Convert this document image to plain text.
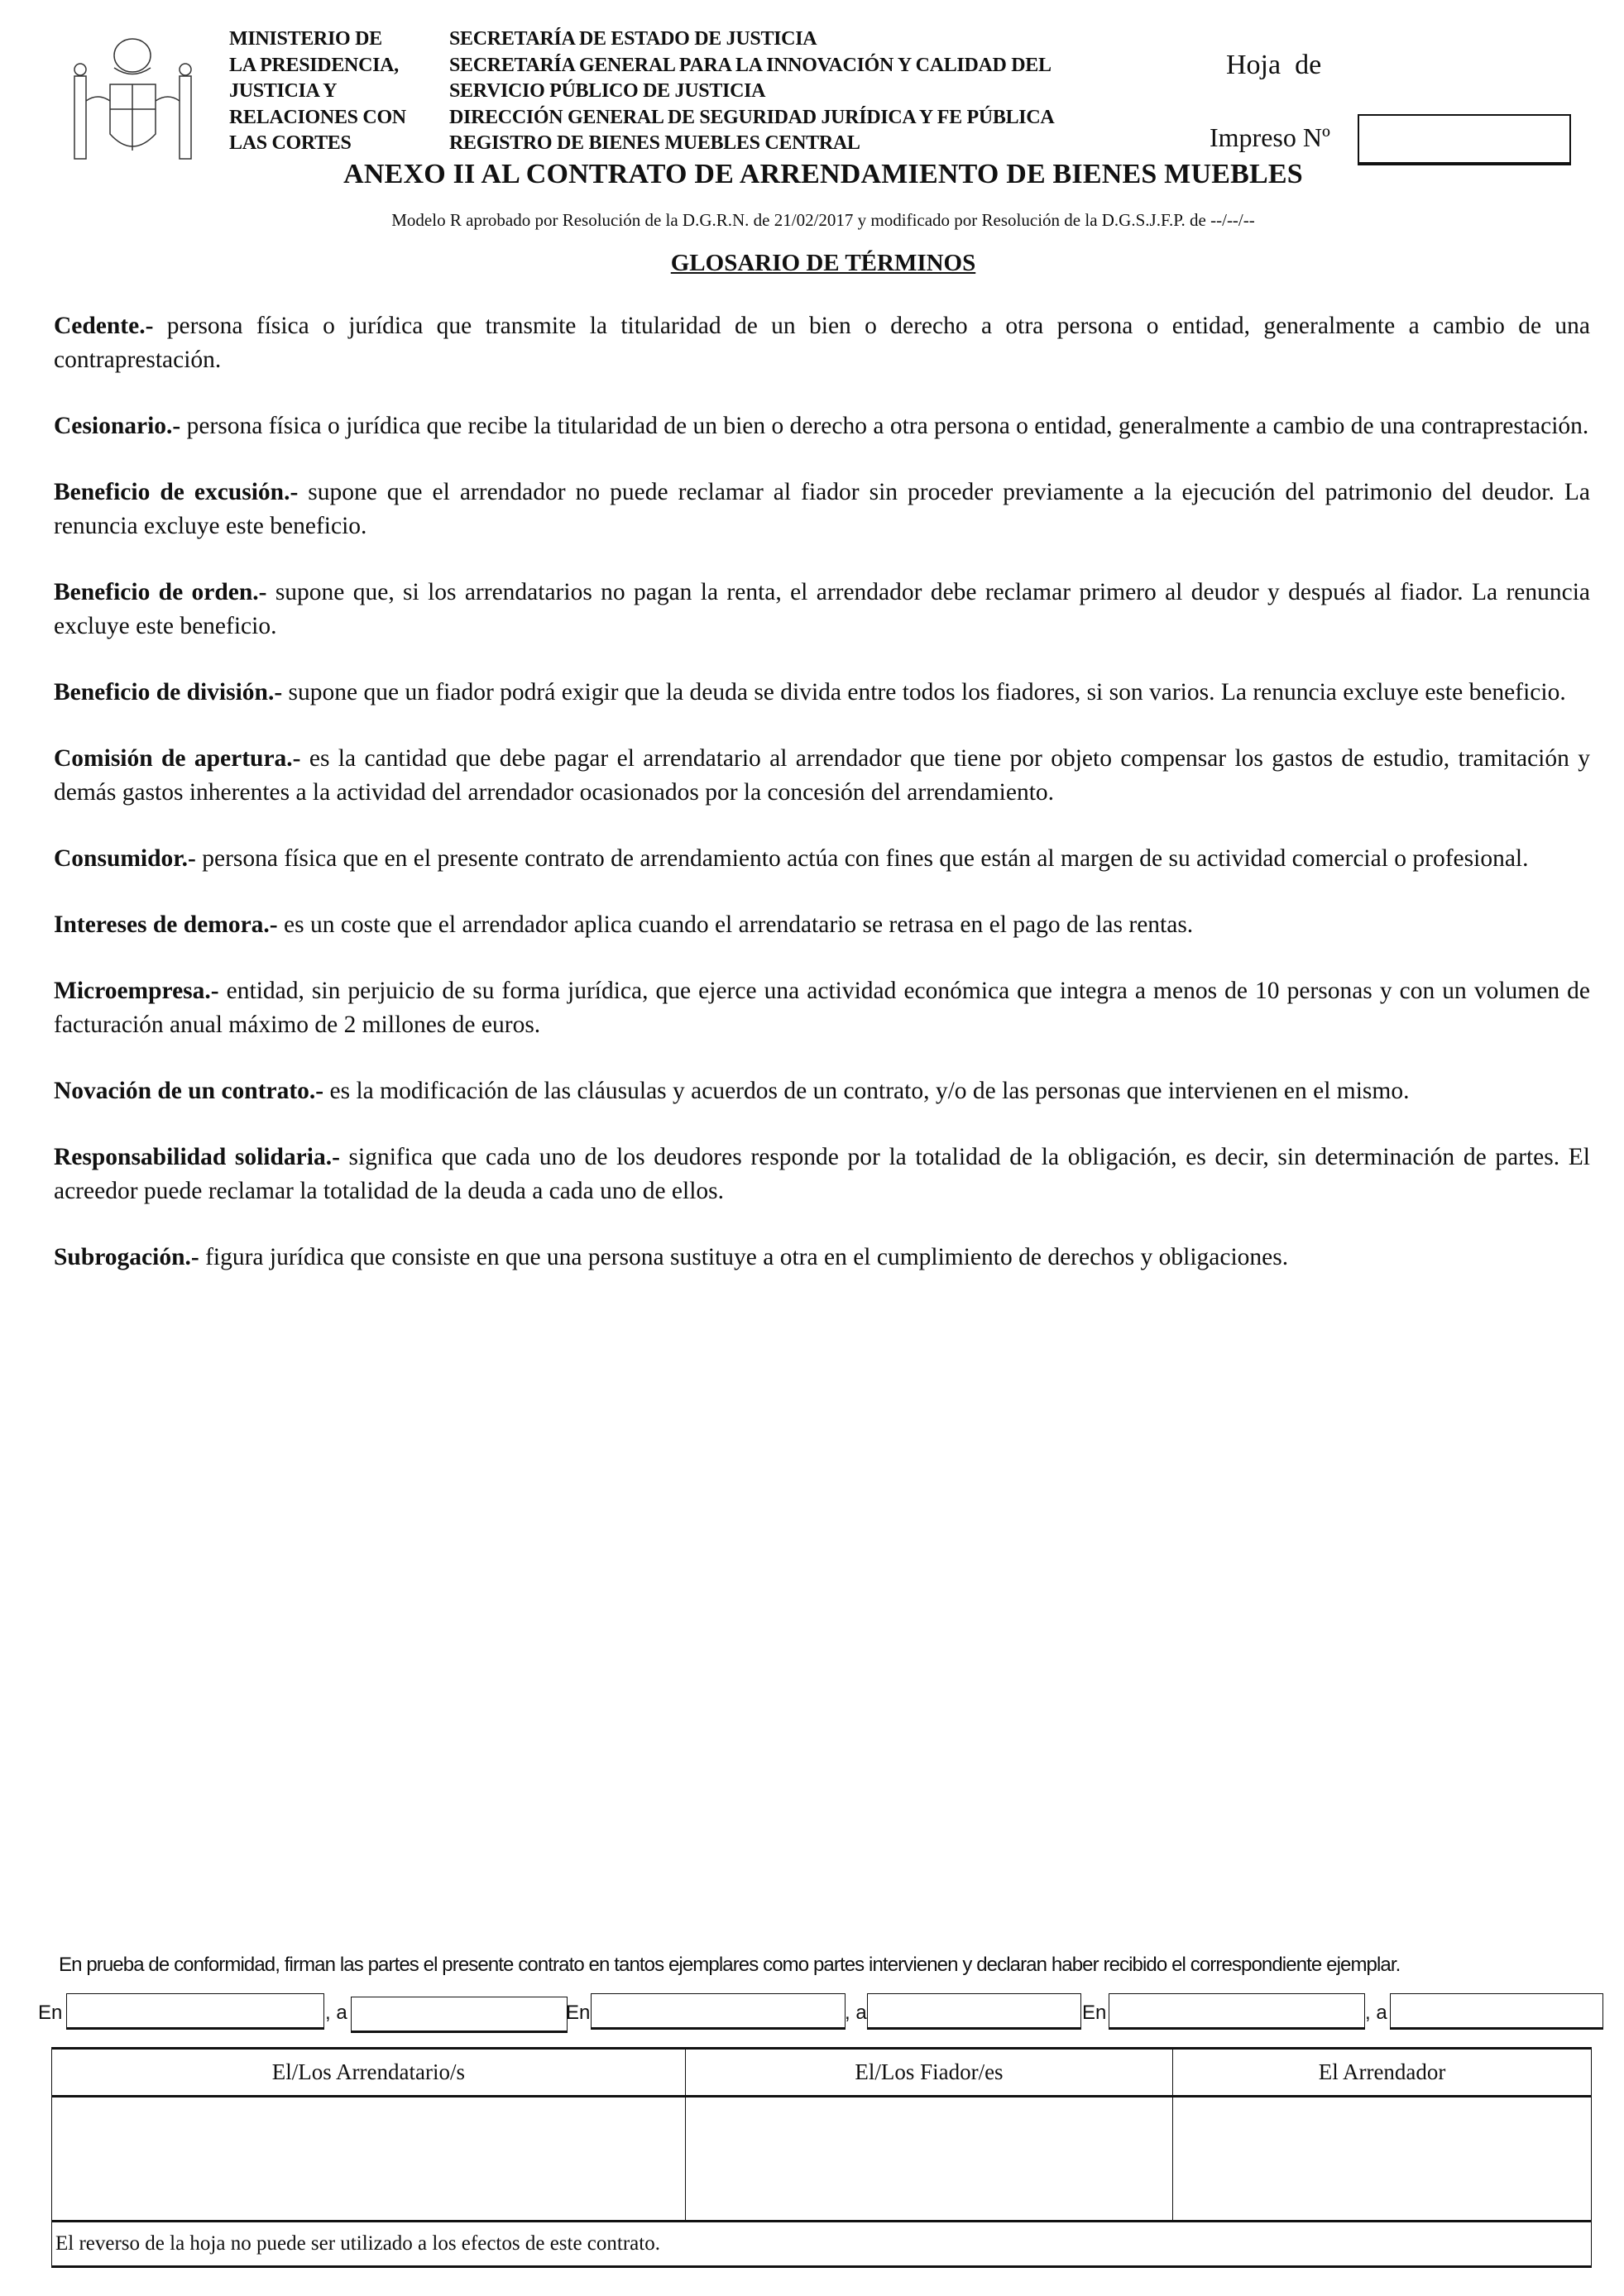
MINISTERIO DE
LA PRESIDENCIA,
JUSTICIA Y
RELACIONES CON
LAS CORTES
SECRETARÍA DE ESTADO DE JUSTICIA
SECRETARÍA GENERAL PARA LA INNOVACIÓN Y CALIDAD DEL
SERVICIO PÚBLICO DE JUSTICIA
DIRECCIÓN GENERAL DE SEGURIDAD JURÍDICA Y FE PÚBLICA
REGISTRO DE BIENES MUEBLES CENTRAL
Hoja  de
Impreso Nº
ANEXO II AL CONTRATO DE ARRENDAMIENTO DE BIENES MUEBLES
Modelo R aprobado por Resolución de la D.G.R.N. de 21/02/2017 y modificado por Resolución de la D.G.S.J.F.P. de --/--/--
GLOSARIO DE TÉRMINOS

Cedente.- persona física o jurídica que transmite la titularidad de un bien o derecho a otra persona o entidad, generalmente a cambio de una contraprestación.

Cesionario.- persona física o jurídica que recibe la titularidad de un bien o derecho a otra persona o entidad, generalmente a cambio de una contraprestación.

Beneficio de excusión.- supone que el arrendador no puede reclamar al fiador sin proceder previamente a la ejecución del patrimonio del deudor. La renuncia excluye este beneficio.

Beneficio de orden.- supone que, si los arrendatarios no pagan la renta, el arrendador debe reclamar primero al deudor y después al fiador. La renuncia excluye este beneficio.

Beneficio de división.- supone que un fiador podrá exigir que la deuda se divida entre todos los fiadores, si son varios. La renuncia excluye este beneficio.

Comisión de apertura.- es la cantidad que debe pagar el arrendatario al arrendador que tiene por objeto compensar los gastos de estudio, tramitación y demás gastos inherentes a la actividad del arrendador ocasionados por la concesión del arrendamiento.

Consumidor.- persona física que en el presente contrato de arrendamiento actúa con fines que están al margen de su actividad comercial o profesional.

Intereses de demora.- es un coste que el arrendador aplica cuando el arrendatario se retrasa en el pago de las rentas.

Microempresa.- entidad, sin perjuicio de su forma jurídica, que ejerce una actividad económica que integra a menos de 10 personas y con un volumen de facturación anual máximo de 2 millones de euros.

Novación de un contrato.- es la modificación de las cláusulas y acuerdos de un contrato, y/o de las personas que intervienen en el mismo.

Responsabilidad solidaria.- significa que cada uno de los deudores responde por la totalidad de la obligación, es decir, sin determinación de partes. El acreedor puede reclamar la totalidad de la deuda a cada uno de ellos.

Subrogación.- figura jurídica que consiste en que una persona sustituye a otra en el cumplimiento de derechos y obligaciones.

En prueba de conformidad, firman las partes el presente contrato en tantos ejemplares como partes intervienen y declaran haber recibido el correspondiente ejemplar.
En	, a	En	, a	En	, a
El/Los Arrendatario/s	El/Los Fiador/es	El Arrendador

El reverso de la hoja no puede ser utilizado a los efectos de este contrato.		
